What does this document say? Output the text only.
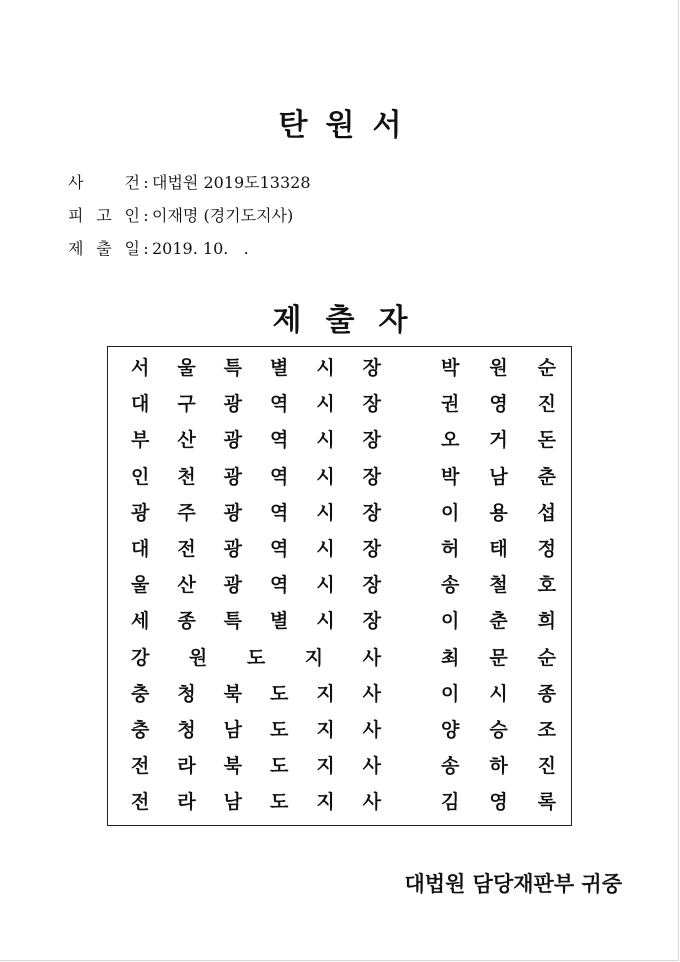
탄원서
사	건 : 대법원 2019도13328
피 고 인 : 이재명 (경기도지사)
제 출 일 : 2019. 10.   .
제출자
서 울 특 별 시 장	박 원 순
대 구 광 역 시 장	권 영 진
부 산 광 역 시 장	오 거 돈
인 천 광 역 시 장	박 남 춘
광 주 광 역 시 장	이 용 섭
대 전 광 역 시 장	허 태 정
울 산 광 역 시 장	송 철 호
세 종 특 별 시 장	이 춘 희
강 원 도 지 사	최 문 순
충 청 북 도 지 사	이 시 종
충 청 남 도 지 사	양 승 조
전 라 북 도 지 사	송 하 진
전 라 남 도 지 사	김 영 록
대법원 담당재판부 귀중
